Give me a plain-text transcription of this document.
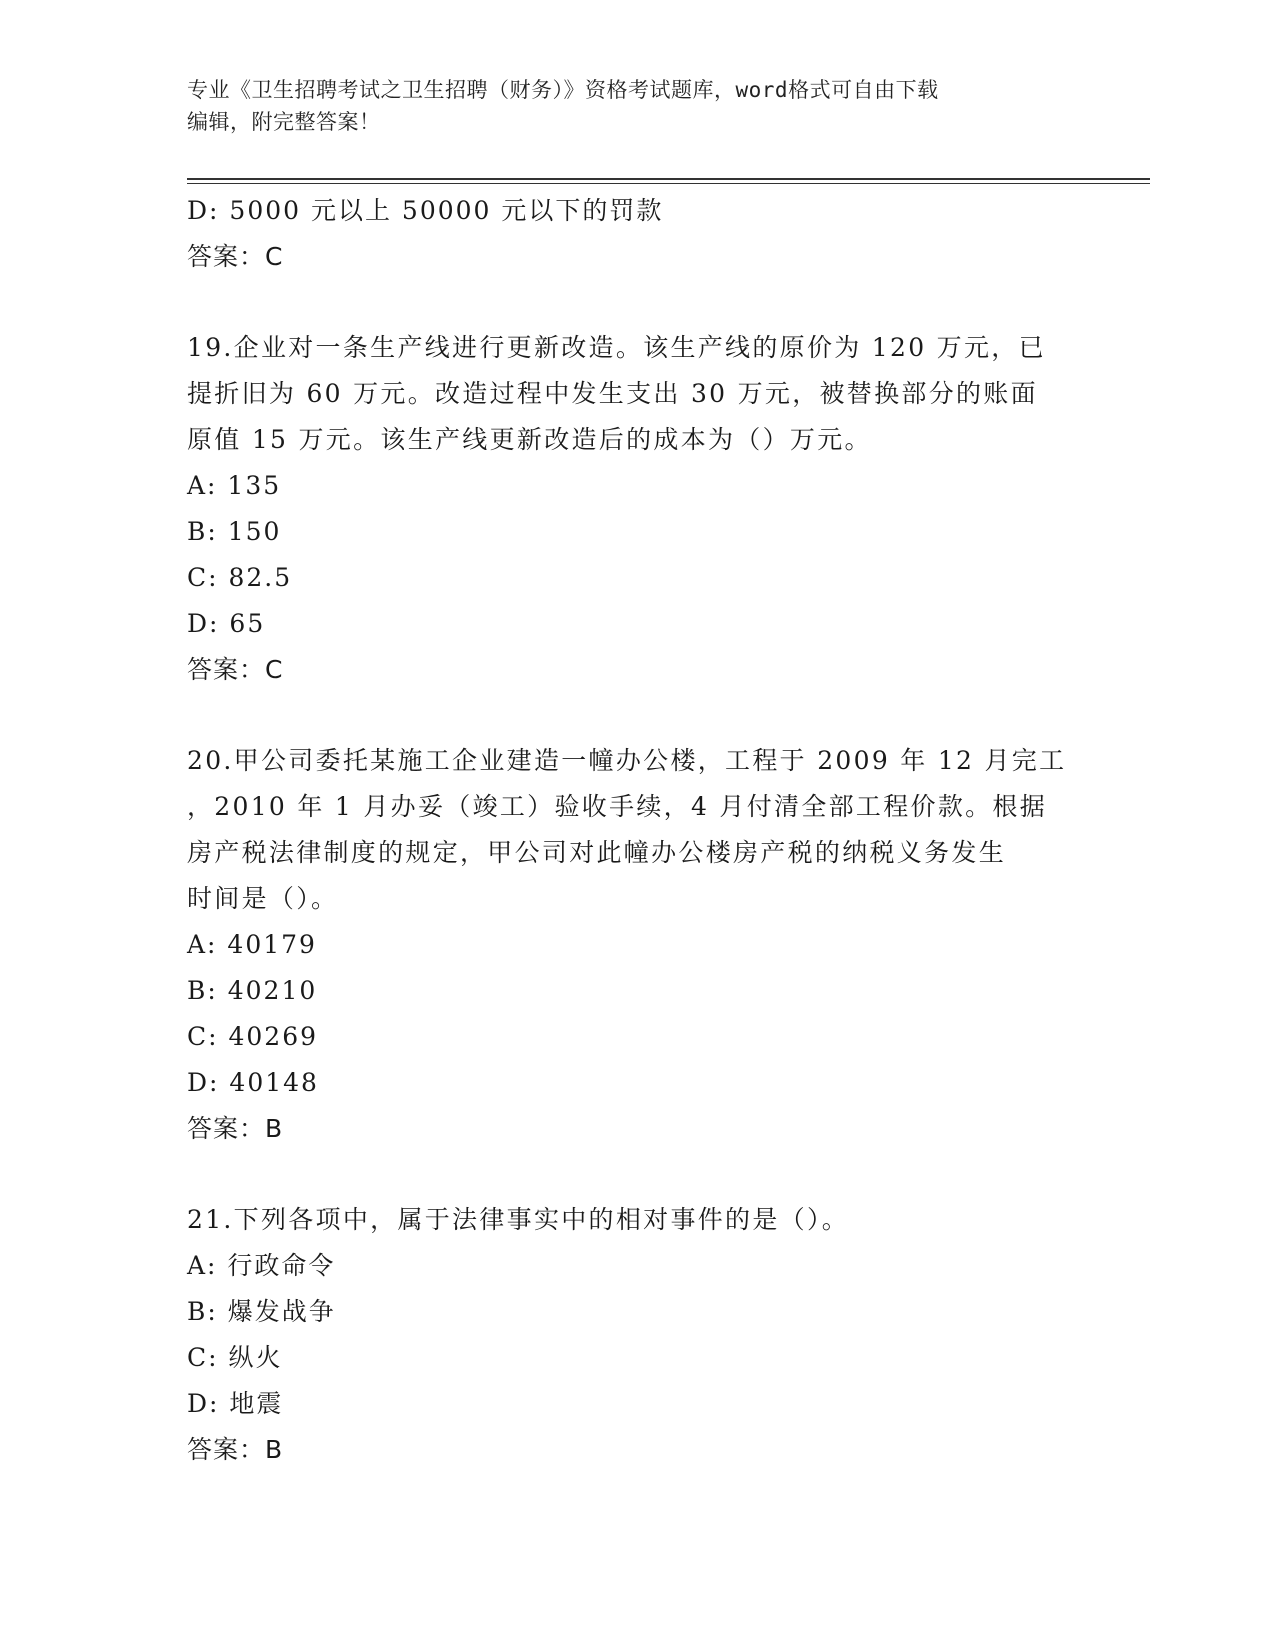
专业《卫生招聘考试之卫生招聘（财务）》资格考试题库，word格式可自由下载
编辑，附完整答案！
D: 5000 元以上 50000 元以下的罚款
答案：C
19.企业对一条生产线进行更新改造。该生产线的原价为 120 万元，已
提折旧为 60 万元。改造过程中发生支出 30 万元，被替换部分的账面
原值 15 万元。该生产线更新改造后的成本为（）万元。
A: 135
B: 150
C: 82.5
D: 65
答案：C
20.甲公司委托某施工企业建造一幢办公楼，工程于 2009 年 12 月完工
，2010 年 1 月办妥（竣工）验收手续，4 月付清全部工程价款。根据
房产税法律制度的规定，甲公司对此幢办公楼房产税的纳税义务发生
时间是（）。
A: 40179
B: 40210
C: 40269
D: 40148
答案：B
21.下列各项中，属于法律事实中的相对事件的是（）。
A: 行政命令
B: 爆发战争
C: 纵火
D: 地震
答案：B
